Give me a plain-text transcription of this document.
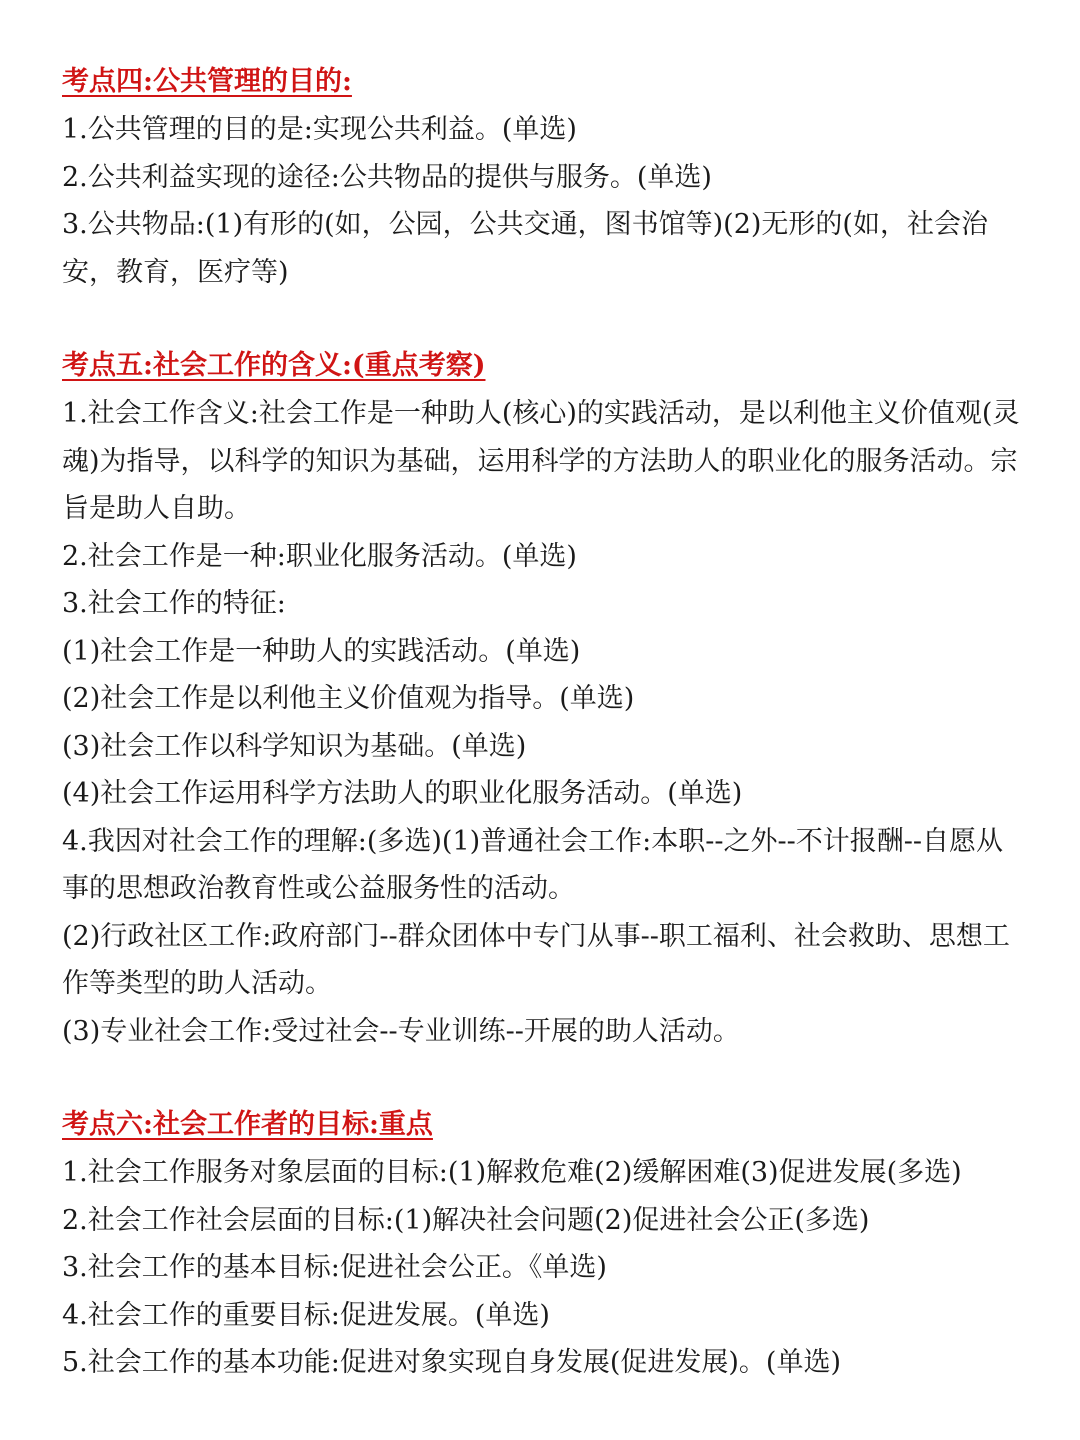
考点四:公共管理的目的:

1.公共管理的目的是:实现公共利益。(单选)

2.公共利益实现的途径:公共物品的提供与服务。(单选)

3.公共物品:(1)有形的(如，公园，公共交通，图书馆等)(2)无形的(如，社会治安，教育，医疗等)

考点五:社会工作的含义:(重点考察)

1.社会工作含义:社会工作是一种助人(核心)的实践活动，是以利他主义价值观(灵魂)为指导，以科学的知识为基础，运用科学的方法助人的职业化的服务活动。宗旨是助人自助。

2.社会工作是一种:职业化服务活动。(单选)

3.社会工作的特征:

(1)社会工作是一种助人的实践活动。(单选)

(2)社会工作是以利他主义价值观为指导。(单选)

(3)社会工作以科学知识为基础。(单选)

(4)社会工作运用科学方法助人的职业化服务活动。(单选)

4.我因对社会工作的理解:(多选)(1)普通社会工作:本职--之外--不计报酬--自愿从事的思想政治教育性或公益服务性的活动。

(2)行政社区工作:政府部门--群众团体中专门从事--职工福利、社会救助、思想工作等类型的助人活动。

(3)专业社会工作:受过社会--专业训练--开展的助人活动。

考点六:社会工作者的目标:重点

1.社会工作服务对象层面的目标:(1)解救危难(2)缓解困难(3)促进发展(多选)

2.社会工作社会层面的目标:(1)解决社会问题(2)促进社会公正(多选)

3.社会工作的基本目标:促进社会公正。《单选)

4.社会工作的重要目标:促进发展。(单选)

5.社会工作的基本功能:促进对象实现自身发展(促进发展)。(单选)
